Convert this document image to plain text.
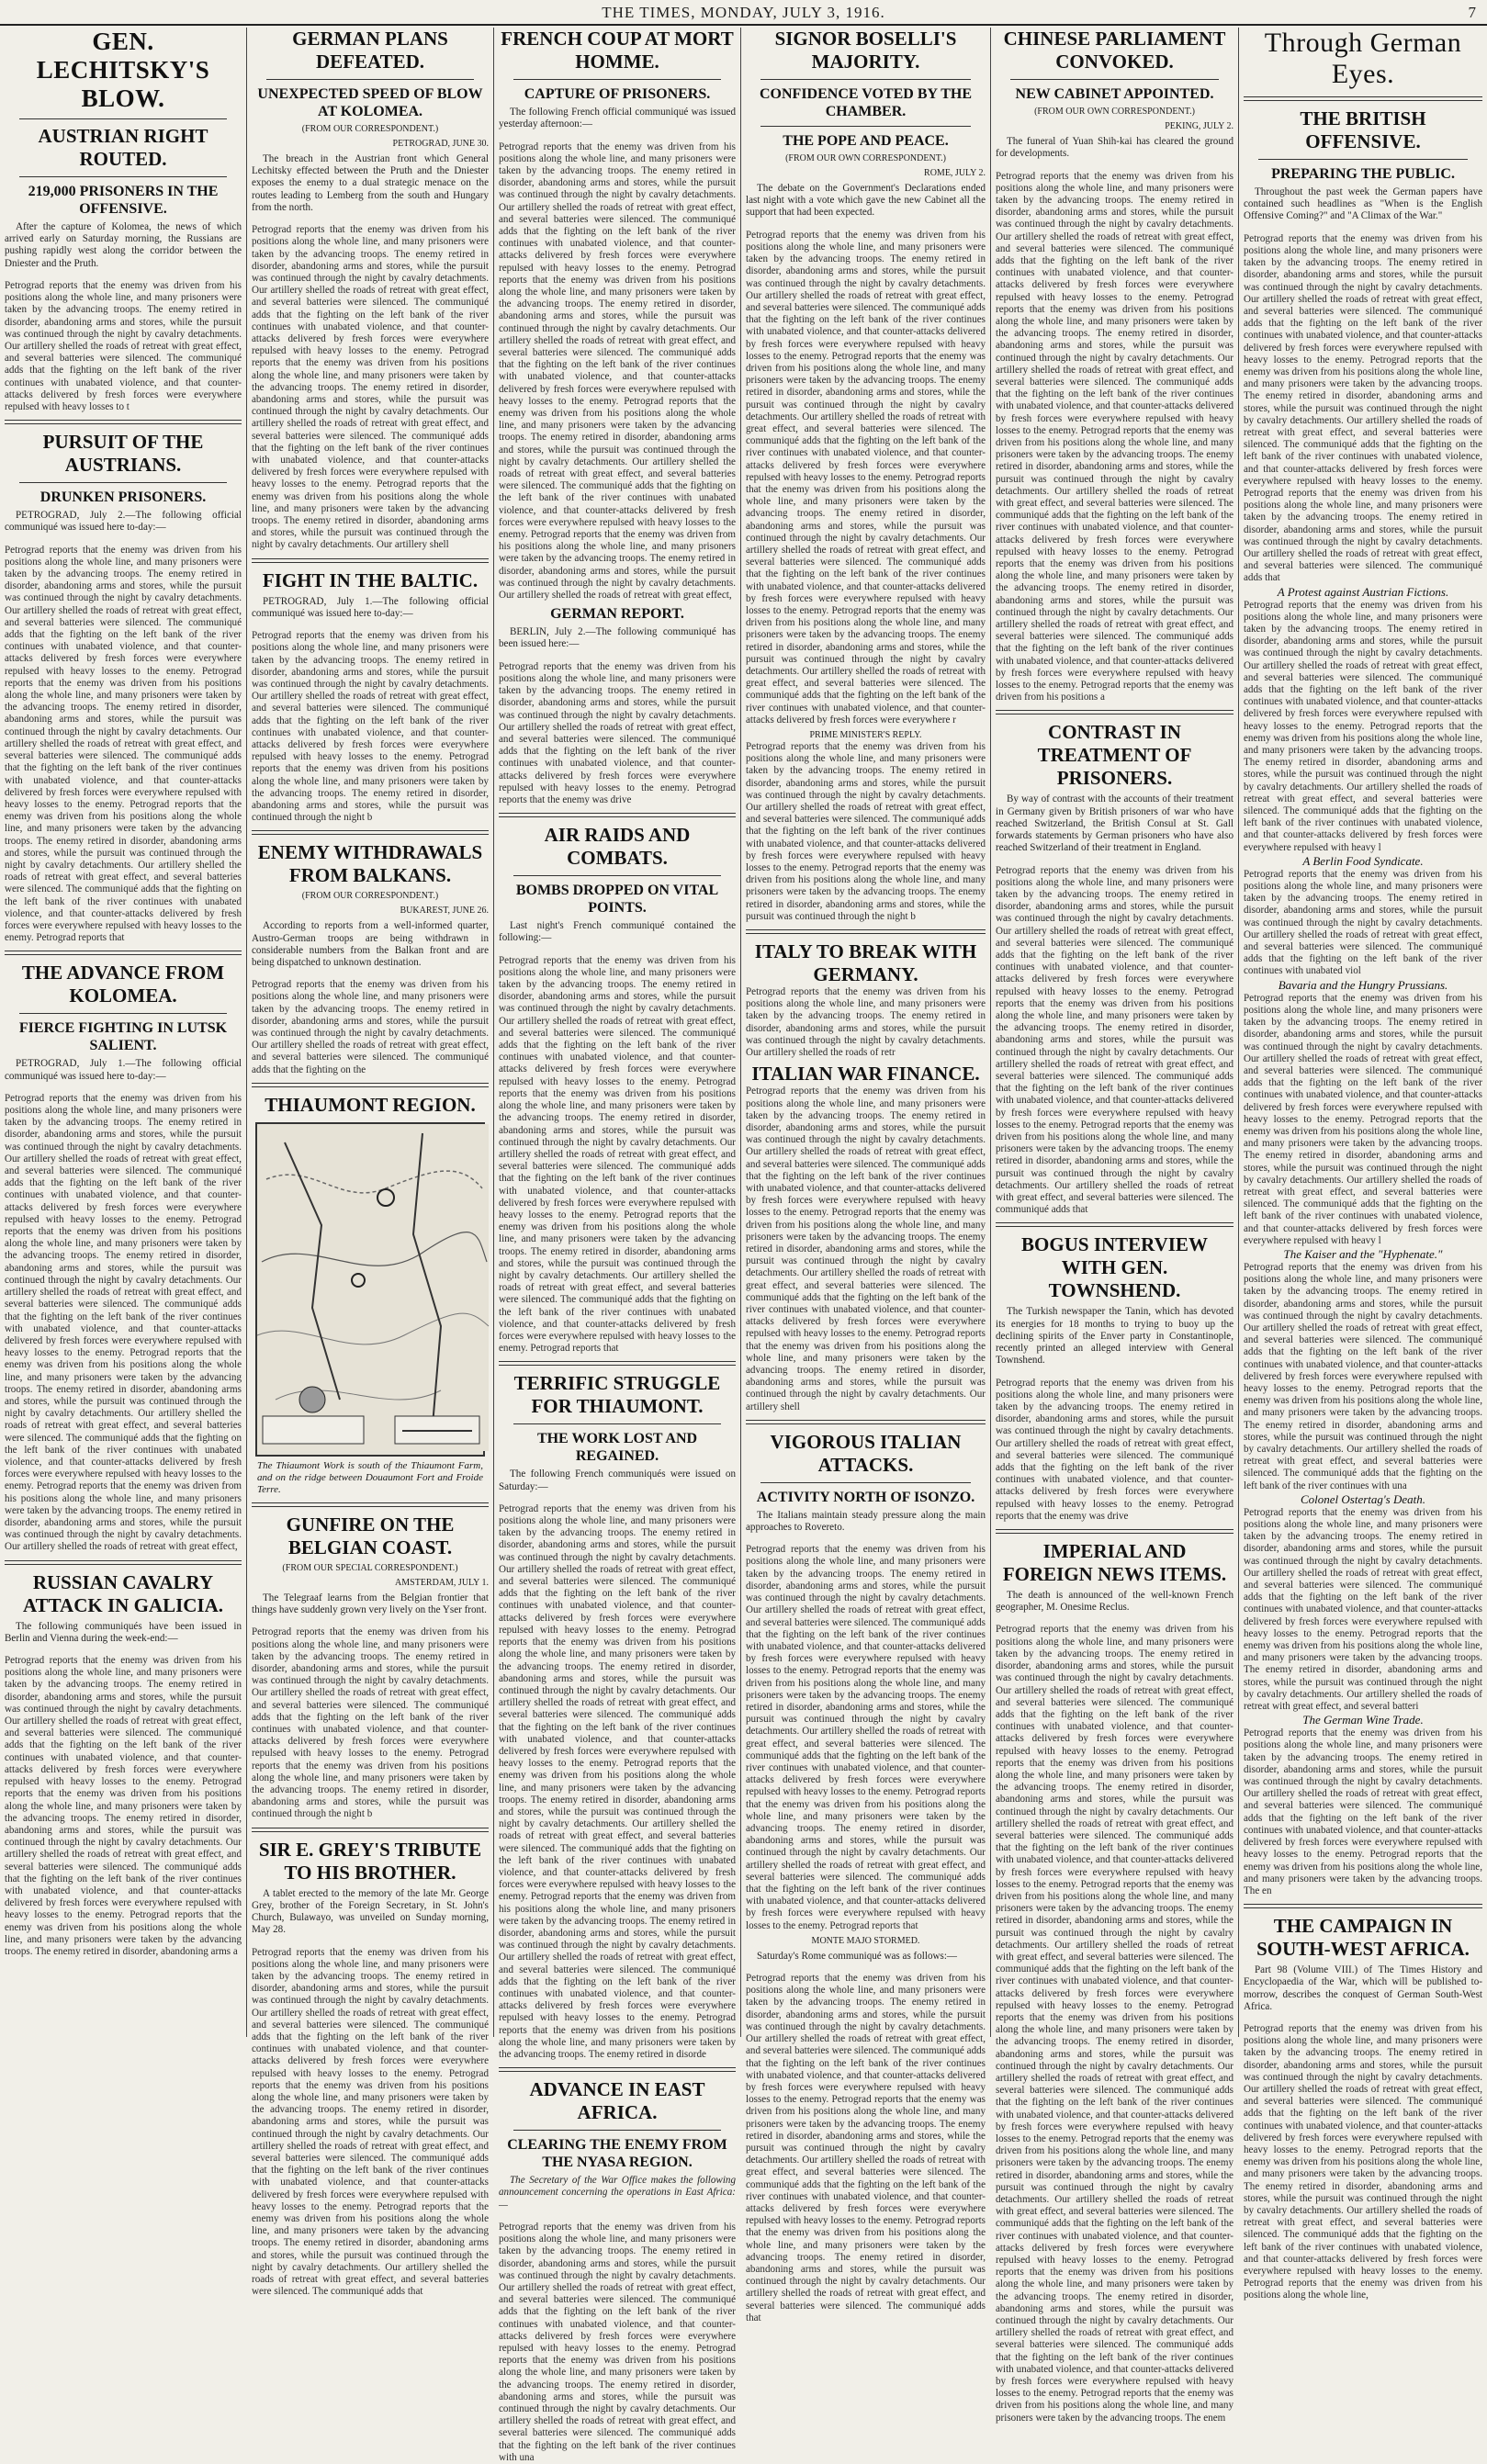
THE TIMES, MONDAY, JULY 3, 1916.	7
GEN. LECHITSKY'S BLOW.
AUSTRIAN RIGHT ROUTED.
219,000 PRISONERS IN THE OFFENSIVE.

After the capture of Kolomea, the news of which arrived early on Saturday morning, the Russians are pushing rapidly west along the corridor between the Dniester and the Pruth.

Petrograd reports that the enemy was driven from his positions along the whole line, and many prisoners were taken by the advancing troops. The enemy retired in disorder, abandoning arms and stores, while the pursuit was continued through the night by cavalry detachments. Our artillery shelled the roads of retreat with great effect, and several batteries were silenced. The communiqué adds that the fighting on the left bank of the river continues with unabated violence, and that counter-attacks delivered by fresh forces were everywhere repulsed with heavy losses to t
PURSUIT OF THE AUSTRIANS.
DRUNKEN PRISONERS.

PETROGRAD, July 2.—The following official communiqué was issued here to-day:—

Petrograd reports that the enemy was driven from his positions along the whole line, and many prisoners were taken by the advancing troops. The enemy retired in disorder, abandoning arms and stores, while the pursuit was continued through the night by cavalry detachments. Our artillery shelled the roads of retreat with great effect, and several batteries were silenced. The communiqué adds that the fighting on the left bank of the river continues with unabated violence, and that counter-attacks delivered by fresh forces were everywhere repulsed with heavy losses to the enemy. Petrograd reports that the enemy was driven from his positions along the whole line, and many prisoners were taken by the advancing troops. The enemy retired in disorder, abandoning arms and stores, while the pursuit was continued through the night by cavalry detachments. Our artillery shelled the roads of retreat with great effect, and several batteries were silenced. The communiqué adds that the fighting on the left bank of the river continues with unabated violence, and that counter-attacks delivered by fresh forces were everywhere repulsed with heavy losses to the enemy. Petrograd reports that the enemy was driven from his positions along the whole line, and many prisoners were taken by the advancing troops. The enemy retired in disorder, abandoning arms and stores, while the pursuit was continued through the night by cavalry detachments. Our artillery shelled the roads of retreat with great effect, and several batteries were silenced. The communiqué adds that the fighting on the left bank of the river continues with unabated violence, and that counter-attacks delivered by fresh forces were everywhere repulsed with heavy losses to the enemy. Petrograd reports that
THE ADVANCE FROM KOLOMEA.
FIERCE FIGHTING IN LUTSK SALIENT.

PETROGRAD, July 1.—The following official communiqué was issued here to-day:—

Petrograd reports that the enemy was driven from his positions along the whole line, and many prisoners were taken by the advancing troops. The enemy retired in disorder, abandoning arms and stores, while the pursuit was continued through the night by cavalry detachments. Our artillery shelled the roads of retreat with great effect, and several batteries were silenced. The communiqué adds that the fighting on the left bank of the river continues with unabated violence, and that counter-attacks delivered by fresh forces were everywhere repulsed with heavy losses to the enemy. Petrograd reports that the enemy was driven from his positions along the whole line, and many prisoners were taken by the advancing troops. The enemy retired in disorder, abandoning arms and stores, while the pursuit was continued through the night by cavalry detachments. Our artillery shelled the roads of retreat with great effect, and several batteries were silenced. The communiqué adds that the fighting on the left bank of the river continues with unabated violence, and that counter-attacks delivered by fresh forces were everywhere repulsed with heavy losses to the enemy. Petrograd reports that the enemy was driven from his positions along the whole line, and many prisoners were taken by the advancing troops. The enemy retired in disorder, abandoning arms and stores, while the pursuit was continued through the night by cavalry detachments. Our artillery shelled the roads of retreat with great effect, and several batteries were silenced. The communiqué adds that the fighting on the left bank of the river continues with unabated violence, and that counter-attacks delivered by fresh forces were everywhere repulsed with heavy losses to the enemy. Petrograd reports that the enemy was driven from his positions along the whole line, and many prisoners were taken by the advancing troops. The enemy retired in disorder, abandoning arms and stores, while the pursuit was continued through the night by cavalry detachments. Our artillery shelled the roads of retreat with great effect,
RUSSIAN CAVALRY ATTACK IN GALICIA.

The following communiqués have been issued in Berlin and Vienna during the week-end:—

Petrograd reports that the enemy was driven from his positions along the whole line, and many prisoners were taken by the advancing troops. The enemy retired in disorder, abandoning arms and stores, while the pursuit was continued through the night by cavalry detachments. Our artillery shelled the roads of retreat with great effect, and several batteries were silenced. The communiqué adds that the fighting on the left bank of the river continues with unabated violence, and that counter-attacks delivered by fresh forces were everywhere repulsed with heavy losses to the enemy. Petrograd reports that the enemy was driven from his positions along the whole line, and many prisoners were taken by the advancing troops. The enemy retired in disorder, abandoning arms and stores, while the pursuit was continued through the night by cavalry detachments. Our artillery shelled the roads of retreat with great effect, and several batteries were silenced. The communiqué adds that the fighting on the left bank of the river continues with unabated violence, and that counter-attacks delivered by fresh forces were everywhere repulsed with heavy losses to the enemy. Petrograd reports that the enemy was driven from his positions along the whole line, and many prisoners were taken by the advancing troops. The enemy retired in disorder, abandoning arms a
GERMAN PLANS DEFEATED.
UNEXPECTED SPEED OF BLOW AT KOLOMEA.
(FROM OUR CORRESPONDENT.)
PETROGRAD, JUNE 30.

The breach in the Austrian front which General Lechitsky effected between the Pruth and the Dniester exposes the enemy to a dual strategic menace on the routes leading to Lemberg from the south and Hungary from the north.

Petrograd reports that the enemy was driven from his positions along the whole line, and many prisoners were taken by the advancing troops. The enemy retired in disorder, abandoning arms and stores, while the pursuit was continued through the night by cavalry detachments. Our artillery shelled the roads of retreat with great effect, and several batteries were silenced. The communiqué adds that the fighting on the left bank of the river continues with unabated violence, and that counter-attacks delivered by fresh forces were everywhere repulsed with heavy losses to the enemy. Petrograd reports that the enemy was driven from his positions along the whole line, and many prisoners were taken by the advancing troops. The enemy retired in disorder, abandoning arms and stores, while the pursuit was continued through the night by cavalry detachments. Our artillery shelled the roads of retreat with great effect, and several batteries were silenced. The communiqué adds that the fighting on the left bank of the river continues with unabated violence, and that counter-attacks delivered by fresh forces were everywhere repulsed with heavy losses to the enemy. Petrograd reports that the enemy was driven from his positions along the whole line, and many prisoners were taken by the advancing troops. The enemy retired in disorder, abandoning arms and stores, while the pursuit was continued through the night by cavalry detachments. Our artillery shell
FIGHT IN THE BALTIC.

PETROGRAD, July 1.—The following official communiqué was issued here to-day:—

Petrograd reports that the enemy was driven from his positions along the whole line, and many prisoners were taken by the advancing troops. The enemy retired in disorder, abandoning arms and stores, while the pursuit was continued through the night by cavalry detachments. Our artillery shelled the roads of retreat with great effect, and several batteries were silenced. The communiqué adds that the fighting on the left bank of the river continues with unabated violence, and that counter-attacks delivered by fresh forces were everywhere repulsed with heavy losses to the enemy. Petrograd reports that the enemy was driven from his positions along the whole line, and many prisoners were taken by the advancing troops. The enemy retired in disorder, abandoning arms and stores, while the pursuit was continued through the night b
ENEMY WITHDRAWALS FROM BALKANS.
(FROM OUR CORRESPONDENT.)
BUKAREST, JUNE 26.

According to reports from a well-informed quarter, Austro-German troops are being withdrawn in considerable numbers from the Balkan front and are being dispatched to unknown destination.

Petrograd reports that the enemy was driven from his positions along the whole line, and many prisoners were taken by the advancing troops. The enemy retired in disorder, abandoning arms and stores, while the pursuit was continued through the night by cavalry detachments. Our artillery shelled the roads of retreat with great effect, and several batteries were silenced. The communiqué adds that the fighting on the
THIAUMONT REGION.

The Thiaumont Work is south of the Thiaumont Farm, and on the ridge between Douaumont Fort and Froide Terre.

GUNFIRE ON THE BELGIAN COAST.
(FROM OUR SPECIAL CORRESPONDENT.)
AMSTERDAM, JULY 1.

The Telegraaf learns from the Belgian frontier that things have suddenly grown very lively on the Yser front.

Petrograd reports that the enemy was driven from his positions along the whole line, and many prisoners were taken by the advancing troops. The enemy retired in disorder, abandoning arms and stores, while the pursuit was continued through the night by cavalry detachments. Our artillery shelled the roads of retreat with great effect, and several batteries were silenced. The communiqué adds that the fighting on the left bank of the river continues with unabated violence, and that counter-attacks delivered by fresh forces were everywhere repulsed with heavy losses to the enemy. Petrograd reports that the enemy was driven from his positions along the whole line, and many prisoners were taken by the advancing troops. The enemy retired in disorder, abandoning arms and stores, while the pursuit was continued through the night b
SIR E. GREY'S TRIBUTE TO HIS BROTHER.

A tablet erected to the memory of the late Mr. George Grey, brother of the Foreign Secretary, in St. John's Church, Bulawayo, was unveiled on Sunday morning, May 28.

Petrograd reports that the enemy was driven from his positions along the whole line, and many prisoners were taken by the advancing troops. The enemy retired in disorder, abandoning arms and stores, while the pursuit was continued through the night by cavalry detachments. Our artillery shelled the roads of retreat with great effect, and several batteries were silenced. The communiqué adds that the fighting on the left bank of the river continues with unabated violence, and that counter-attacks delivered by fresh forces were everywhere repulsed with heavy losses to the enemy. Petrograd reports that the enemy was driven from his positions along the whole line, and many prisoners were taken by the advancing troops. The enemy retired in disorder, abandoning arms and stores, while the pursuit was continued through the night by cavalry detachments. Our artillery shelled the roads of retreat with great effect, and several batteries were silenced. The communiqué adds that the fighting on the left bank of the river continues with unabated violence, and that counter-attacks delivered by fresh forces were everywhere repulsed with heavy losses to the enemy. Petrograd reports that the enemy was driven from his positions along the whole line, and many prisoners were taken by the advancing troops. The enemy retired in disorder, abandoning arms and stores, while the pursuit was continued through the night by cavalry detachments. Our artillery shelled the roads of retreat with great effect, and several batteries were silenced. The communiqué adds that
FRENCH COUP AT MORT HOMME.
CAPTURE OF PRISONERS.

The following French official communiqué was issued yesterday afternoon:—

Petrograd reports that the enemy was driven from his positions along the whole line, and many prisoners were taken by the advancing troops. The enemy retired in disorder, abandoning arms and stores, while the pursuit was continued through the night by cavalry detachments. Our artillery shelled the roads of retreat with great effect, and several batteries were silenced. The communiqué adds that the fighting on the left bank of the river continues with unabated violence, and that counter-attacks delivered by fresh forces were everywhere repulsed with heavy losses to the enemy. Petrograd reports that the enemy was driven from his positions along the whole line, and many prisoners were taken by the advancing troops. The enemy retired in disorder, abandoning arms and stores, while the pursuit was continued through the night by cavalry detachments. Our artillery shelled the roads of retreat with great effect, and several batteries were silenced. The communiqué adds that the fighting on the left bank of the river continues with unabated violence, and that counter-attacks delivered by fresh forces were everywhere repulsed with heavy losses to the enemy. Petrograd reports that the enemy was driven from his positions along the whole line, and many prisoners were taken by the advancing troops. The enemy retired in disorder, abandoning arms and stores, while the pursuit was continued through the night by cavalry detachments. Our artillery shelled the roads of retreat with great effect, and several batteries were silenced. The communiqué adds that the fighting on the left bank of the river continues with unabated violence, and that counter-attacks delivered by fresh forces were everywhere repulsed with heavy losses to the enemy. Petrograd reports that the enemy was driven from his positions along the whole line, and many prisoners were taken by the advancing troops. The enemy retired in disorder, abandoning arms and stores, while the pursuit was continued through the night by cavalry detachments. Our artillery shelled the roads of retreat with great effect,
GERMAN REPORT.

BERLIN, July 2.—The following communiqué has been issued here:—

Petrograd reports that the enemy was driven from his positions along the whole line, and many prisoners were taken by the advancing troops. The enemy retired in disorder, abandoning arms and stores, while the pursuit was continued through the night by cavalry detachments. Our artillery shelled the roads of retreat with great effect, and several batteries were silenced. The communiqué adds that the fighting on the left bank of the river continues with unabated violence, and that counter-attacks delivered by fresh forces were everywhere repulsed with heavy losses to the enemy. Petrograd reports that the enemy was drive
AIR RAIDS AND COMBATS.
BOMBS DROPPED ON VITAL POINTS.

Last night's French communiqué contained the following:—

Petrograd reports that the enemy was driven from his positions along the whole line, and many prisoners were taken by the advancing troops. The enemy retired in disorder, abandoning arms and stores, while the pursuit was continued through the night by cavalry detachments. Our artillery shelled the roads of retreat with great effect, and several batteries were silenced. The communiqué adds that the fighting on the left bank of the river continues with unabated violence, and that counter-attacks delivered by fresh forces were everywhere repulsed with heavy losses to the enemy. Petrograd reports that the enemy was driven from his positions along the whole line, and many prisoners were taken by the advancing troops. The enemy retired in disorder, abandoning arms and stores, while the pursuit was continued through the night by cavalry detachments. Our artillery shelled the roads of retreat with great effect, and several batteries were silenced. The communiqué adds that the fighting on the left bank of the river continues with unabated violence, and that counter-attacks delivered by fresh forces were everywhere repulsed with heavy losses to the enemy. Petrograd reports that the enemy was driven from his positions along the whole line, and many prisoners were taken by the advancing troops. The enemy retired in disorder, abandoning arms and stores, while the pursuit was continued through the night by cavalry detachments. Our artillery shelled the roads of retreat with great effect, and several batteries were silenced. The communiqué adds that the fighting on the left bank of the river continues with unabated violence, and that counter-attacks delivered by fresh forces were everywhere repulsed with heavy losses to the enemy. Petrograd reports that
TERRIFIC STRUGGLE FOR THIAUMONT.
THE WORK LOST AND REGAINED.

The following French communiqués were issued on Saturday:—

Petrograd reports that the enemy was driven from his positions along the whole line, and many prisoners were taken by the advancing troops. The enemy retired in disorder, abandoning arms and stores, while the pursuit was continued through the night by cavalry detachments. Our artillery shelled the roads of retreat with great effect, and several batteries were silenced. The communiqué adds that the fighting on the left bank of the river continues with unabated violence, and that counter-attacks delivered by fresh forces were everywhere repulsed with heavy losses to the enemy. Petrograd reports that the enemy was driven from his positions along the whole line, and many prisoners were taken by the advancing troops. The enemy retired in disorder, abandoning arms and stores, while the pursuit was continued through the night by cavalry detachments. Our artillery shelled the roads of retreat with great effect, and several batteries were silenced. The communiqué adds that the fighting on the left bank of the river continues with unabated violence, and that counter-attacks delivered by fresh forces were everywhere repulsed with heavy losses to the enemy. Petrograd reports that the enemy was driven from his positions along the whole line, and many prisoners were taken by the advancing troops. The enemy retired in disorder, abandoning arms and stores, while the pursuit was continued through the night by cavalry detachments. Our artillery shelled the roads of retreat with great effect, and several batteries were silenced. The communiqué adds that the fighting on the left bank of the river continues with unabated violence, and that counter-attacks delivered by fresh forces were everywhere repulsed with heavy losses to the enemy. Petrograd reports that the enemy was driven from his positions along the whole line, and many prisoners were taken by the advancing troops. The enemy retired in disorder, abandoning arms and stores, while the pursuit was continued through the night by cavalry detachments. Our artillery shelled the roads of retreat with great effect, and several batteries were silenced. The communiqué adds that the fighting on the left bank of the river continues with unabated violence, and that counter-attacks delivered by fresh forces were everywhere repulsed with heavy losses to the enemy. Petrograd reports that the enemy was driven from his positions along the whole line, and many prisoners were taken by the advancing troops. The enemy retired in disorde
ADVANCE IN EAST AFRICA.
CLEARING THE ENEMY FROM THE NYASA REGION.

The Secretary of the War Office makes the following announcement concerning the operations in East Africa:—

Petrograd reports that the enemy was driven from his positions along the whole line, and many prisoners were taken by the advancing troops. The enemy retired in disorder, abandoning arms and stores, while the pursuit was continued through the night by cavalry detachments. Our artillery shelled the roads of retreat with great effect, and several batteries were silenced. The communiqué adds that the fighting on the left bank of the river continues with unabated violence, and that counter-attacks delivered by fresh forces were everywhere repulsed with heavy losses to the enemy. Petrograd reports that the enemy was driven from his positions along the whole line, and many prisoners were taken by the advancing troops. The enemy retired in disorder, abandoning arms and stores, while the pursuit was continued through the night by cavalry detachments. Our artillery shelled the roads of retreat with great effect, and several batteries were silenced. The communiqué adds that the fighting on the left bank of the river continues with una
SIGNOR BOSELLI'S MAJORITY.
CONFIDENCE VOTED BY THE CHAMBER.
THE POPE AND PEACE.
(FROM OUR OWN CORRESPONDENT.)
ROME, JULY 2.

The debate on the Government's Declarations ended last night with a vote which gave the new Cabinet all the support that had been expected.

Petrograd reports that the enemy was driven from his positions along the whole line, and many prisoners were taken by the advancing troops. The enemy retired in disorder, abandoning arms and stores, while the pursuit was continued through the night by cavalry detachments. Our artillery shelled the roads of retreat with great effect, and several batteries were silenced. The communiqué adds that the fighting on the left bank of the river continues with unabated violence, and that counter-attacks delivered by fresh forces were everywhere repulsed with heavy losses to the enemy. Petrograd reports that the enemy was driven from his positions along the whole line, and many prisoners were taken by the advancing troops. The enemy retired in disorder, abandoning arms and stores, while the pursuit was continued through the night by cavalry detachments. Our artillery shelled the roads of retreat with great effect, and several batteries were silenced. The communiqué adds that the fighting on the left bank of the river continues with unabated violence, and that counter-attacks delivered by fresh forces were everywhere repulsed with heavy losses to the enemy. Petrograd reports that the enemy was driven from his positions along the whole line, and many prisoners were taken by the advancing troops. The enemy retired in disorder, abandoning arms and stores, while the pursuit was continued through the night by cavalry detachments. Our artillery shelled the roads of retreat with great effect, and several batteries were silenced. The communiqué adds that the fighting on the left bank of the river continues with unabated violence, and that counter-attacks delivered by fresh forces were everywhere repulsed with heavy losses to the enemy. Petrograd reports that the enemy was driven from his positions along the whole line, and many prisoners were taken by the advancing troops. The enemy retired in disorder, abandoning arms and stores, while the pursuit was continued through the night by cavalry detachments. Our artillery shelled the roads of retreat with great effect, and several batteries were silenced. The communiqué adds that the fighting on the left bank of the river continues with unabated violence, and that counter-attacks delivered by fresh forces were everywhere r
PRIME MINISTER'S REPLY.
Petrograd reports that the enemy was driven from his positions along the whole line, and many prisoners were taken by the advancing troops. The enemy retired in disorder, abandoning arms and stores, while the pursuit was continued through the night by cavalry detachments. Our artillery shelled the roads of retreat with great effect, and several batteries were silenced. The communiqué adds that the fighting on the left bank of the river continues with unabated violence, and that counter-attacks delivered by fresh forces were everywhere repulsed with heavy losses to the enemy. Petrograd reports that the enemy was driven from his positions along the whole line, and many prisoners were taken by the advancing troops. The enemy retired in disorder, abandoning arms and stores, while the pursuit was continued through the night b
ITALY TO BREAK WITH GERMANY.
Petrograd reports that the enemy was driven from his positions along the whole line, and many prisoners were taken by the advancing troops. The enemy retired in disorder, abandoning arms and stores, while the pursuit was continued through the night by cavalry detachments. Our artillery shelled the roads of retr
ITALIAN WAR FINANCE.
Petrograd reports that the enemy was driven from his positions along the whole line, and many prisoners were taken by the advancing troops. The enemy retired in disorder, abandoning arms and stores, while the pursuit was continued through the night by cavalry detachments. Our artillery shelled the roads of retreat with great effect, and several batteries were silenced. The communiqué adds that the fighting on the left bank of the river continues with unabated violence, and that counter-attacks delivered by fresh forces were everywhere repulsed with heavy losses to the enemy. Petrograd reports that the enemy was driven from his positions along the whole line, and many prisoners were taken by the advancing troops. The enemy retired in disorder, abandoning arms and stores, while the pursuit was continued through the night by cavalry detachments. Our artillery shelled the roads of retreat with great effect, and several batteries were silenced. The communiqué adds that the fighting on the left bank of the river continues with unabated violence, and that counter-attacks delivered by fresh forces were everywhere repulsed with heavy losses to the enemy. Petrograd reports that the enemy was driven from his positions along the whole line, and many prisoners were taken by the advancing troops. The enemy retired in disorder, abandoning arms and stores, while the pursuit was continued through the night by cavalry detachments. Our artillery shell
VIGOROUS ITALIAN ATTACKS.
ACTIVITY NORTH OF ISONZO.

The Italians maintain steady pressure along the main approaches to Rovereto.

Petrograd reports that the enemy was driven from his positions along the whole line, and many prisoners were taken by the advancing troops. The enemy retired in disorder, abandoning arms and stores, while the pursuit was continued through the night by cavalry detachments. Our artillery shelled the roads of retreat with great effect, and several batteries were silenced. The communiqué adds that the fighting on the left bank of the river continues with unabated violence, and that counter-attacks delivered by fresh forces were everywhere repulsed with heavy losses to the enemy. Petrograd reports that the enemy was driven from his positions along the whole line, and many prisoners were taken by the advancing troops. The enemy retired in disorder, abandoning arms and stores, while the pursuit was continued through the night by cavalry detachments. Our artillery shelled the roads of retreat with great effect, and several batteries were silenced. The communiqué adds that the fighting on the left bank of the river continues with unabated violence, and that counter-attacks delivered by fresh forces were everywhere repulsed with heavy losses to the enemy. Petrograd reports that the enemy was driven from his positions along the whole line, and many prisoners were taken by the advancing troops. The enemy retired in disorder, abandoning arms and stores, while the pursuit was continued through the night by cavalry detachments. Our artillery shelled the roads of retreat with great effect, and several batteries were silenced. The communiqué adds that the fighting on the left bank of the river continues with unabated violence, and that counter-attacks delivered by fresh forces were everywhere repulsed with heavy losses to the enemy. Petrograd reports that
MONTE MAJO STORMED.

Saturday's Rome communiqué was as follows:—

Petrograd reports that the enemy was driven from his positions along the whole line, and many prisoners were taken by the advancing troops. The enemy retired in disorder, abandoning arms and stores, while the pursuit was continued through the night by cavalry detachments. Our artillery shelled the roads of retreat with great effect, and several batteries were silenced. The communiqué adds that the fighting on the left bank of the river continues with unabated violence, and that counter-attacks delivered by fresh forces were everywhere repulsed with heavy losses to the enemy. Petrograd reports that the enemy was driven from his positions along the whole line, and many prisoners were taken by the advancing troops. The enemy retired in disorder, abandoning arms and stores, while the pursuit was continued through the night by cavalry detachments. Our artillery shelled the roads of retreat with great effect, and several batteries were silenced. The communiqué adds that the fighting on the left bank of the river continues with unabated violence, and that counter-attacks delivered by fresh forces were everywhere repulsed with heavy losses to the enemy. Petrograd reports that the enemy was driven from his positions along the whole line, and many prisoners were taken by the advancing troops. The enemy retired in disorder, abandoning arms and stores, while the pursuit was continued through the night by cavalry detachments. Our artillery shelled the roads of retreat with great effect, and several batteries were silenced. The communiqué adds that
CHINESE PARLIAMENT CONVOKED.
NEW CABINET APPOINTED.
(FROM OUR OWN CORRESPONDENT.)
PEKING, JULY 2.

The funeral of Yuan Shih-kai has cleared the ground for developments.

Petrograd reports that the enemy was driven from his positions along the whole line, and many prisoners were taken by the advancing troops. The enemy retired in disorder, abandoning arms and stores, while the pursuit was continued through the night by cavalry detachments. Our artillery shelled the roads of retreat with great effect, and several batteries were silenced. The communiqué adds that the fighting on the left bank of the river continues with unabated violence, and that counter-attacks delivered by fresh forces were everywhere repulsed with heavy losses to the enemy. Petrograd reports that the enemy was driven from his positions along the whole line, and many prisoners were taken by the advancing troops. The enemy retired in disorder, abandoning arms and stores, while the pursuit was continued through the night by cavalry detachments. Our artillery shelled the roads of retreat with great effect, and several batteries were silenced. The communiqué adds that the fighting on the left bank of the river continues with unabated violence, and that counter-attacks delivered by fresh forces were everywhere repulsed with heavy losses to the enemy. Petrograd reports that the enemy was driven from his positions along the whole line, and many prisoners were taken by the advancing troops. The enemy retired in disorder, abandoning arms and stores, while the pursuit was continued through the night by cavalry detachments. Our artillery shelled the roads of retreat with great effect, and several batteries were silenced. The communiqué adds that the fighting on the left bank of the river continues with unabated violence, and that counter-attacks delivered by fresh forces were everywhere repulsed with heavy losses to the enemy. Petrograd reports that the enemy was driven from his positions along the whole line, and many prisoners were taken by the advancing troops. The enemy retired in disorder, abandoning arms and stores, while the pursuit was continued through the night by cavalry detachments. Our artillery shelled the roads of retreat with great effect, and several batteries were silenced. The communiqué adds that the fighting on the left bank of the river continues with unabated violence, and that counter-attacks delivered by fresh forces were everywhere repulsed with heavy losses to the enemy. Petrograd reports that the enemy was driven from his positions a
CONTRAST IN TREATMENT OF PRISONERS.

By way of contrast with the accounts of their treatment in Germany given by British prisoners of war who have reached Switzerland, the British Consul at St. Gall forwards statements by German prisoners who have also reached Switzerland of their treatment in England.

Petrograd reports that the enemy was driven from his positions along the whole line, and many prisoners were taken by the advancing troops. The enemy retired in disorder, abandoning arms and stores, while the pursuit was continued through the night by cavalry detachments. Our artillery shelled the roads of retreat with great effect, and several batteries were silenced. The communiqué adds that the fighting on the left bank of the river continues with unabated violence, and that counter-attacks delivered by fresh forces were everywhere repulsed with heavy losses to the enemy. Petrograd reports that the enemy was driven from his positions along the whole line, and many prisoners were taken by the advancing troops. The enemy retired in disorder, abandoning arms and stores, while the pursuit was continued through the night by cavalry detachments. Our artillery shelled the roads of retreat with great effect, and several batteries were silenced. The communiqué adds that the fighting on the left bank of the river continues with unabated violence, and that counter-attacks delivered by fresh forces were everywhere repulsed with heavy losses to the enemy. Petrograd reports that the enemy was driven from his positions along the whole line, and many prisoners were taken by the advancing troops. The enemy retired in disorder, abandoning arms and stores, while the pursuit was continued through the night by cavalry detachments. Our artillery shelled the roads of retreat with great effect, and several batteries were silenced. The communiqué adds that
BOGUS INTERVIEW WITH GEN. TOWNSHEND.

The Turkish newspaper the Tanin, which has devoted its energies for 18 months to trying to buoy up the declining spirits of the Enver party in Constantinople, recently printed an alleged interview with General Townshend.

Petrograd reports that the enemy was driven from his positions along the whole line, and many prisoners were taken by the advancing troops. The enemy retired in disorder, abandoning arms and stores, while the pursuit was continued through the night by cavalry detachments. Our artillery shelled the roads of retreat with great effect, and several batteries were silenced. The communiqué adds that the fighting on the left bank of the river continues with unabated violence, and that counter-attacks delivered by fresh forces were everywhere repulsed with heavy losses to the enemy. Petrograd reports that the enemy was drive
IMPERIAL AND FOREIGN NEWS ITEMS.

The death is announced of the well-known French geographer, M. Onesime Reclus.

Petrograd reports that the enemy was driven from his positions along the whole line, and many prisoners were taken by the advancing troops. The enemy retired in disorder, abandoning arms and stores, while the pursuit was continued through the night by cavalry detachments. Our artillery shelled the roads of retreat with great effect, and several batteries were silenced. The communiqué adds that the fighting on the left bank of the river continues with unabated violence, and that counter-attacks delivered by fresh forces were everywhere repulsed with heavy losses to the enemy. Petrograd reports that the enemy was driven from his positions along the whole line, and many prisoners were taken by the advancing troops. The enemy retired in disorder, abandoning arms and stores, while the pursuit was continued through the night by cavalry detachments. Our artillery shelled the roads of retreat with great effect, and several batteries were silenced. The communiqué adds that the fighting on the left bank of the river continues with unabated violence, and that counter-attacks delivered by fresh forces were everywhere repulsed with heavy losses to the enemy. Petrograd reports that the enemy was driven from his positions along the whole line, and many prisoners were taken by the advancing troops. The enemy retired in disorder, abandoning arms and stores, while the pursuit was continued through the night by cavalry detachments. Our artillery shelled the roads of retreat with great effect, and several batteries were silenced. The communiqué adds that the fighting on the left bank of the river continues with unabated violence, and that counter-attacks delivered by fresh forces were everywhere repulsed with heavy losses to the enemy. Petrograd reports that the enemy was driven from his positions along the whole line, and many prisoners were taken by the advancing troops. The enemy retired in disorder, abandoning arms and stores, while the pursuit was continued through the night by cavalry detachments. Our artillery shelled the roads of retreat with great effect, and several batteries were silenced. The communiqué adds that the fighting on the left bank of the river continues with unabated violence, and that counter-attacks delivered by fresh forces were everywhere repulsed with heavy losses to the enemy. Petrograd reports that the enemy was driven from his positions along the whole line, and many prisoners were taken by the advancing troops. The enemy retired in disorder, abandoning arms and stores, while the pursuit was continued through the night by cavalry detachments. Our artillery shelled the roads of retreat with great effect, and several batteries were silenced. The communiqué adds that the fighting on the left bank of the river continues with unabated violence, and that counter-attacks delivered by fresh forces were everywhere repulsed with heavy losses to the enemy. Petrograd reports that the enemy was driven from his positions along the whole line, and many prisoners were taken by the advancing troops. The enemy retired in disorder, abandoning arms and stores, while the pursuit was continued through the night by cavalry detachments. Our artillery shelled the roads of retreat with great effect, and several batteries were silenced. The communiqué adds that the fighting on the left bank of the river continues with unabated violence, and that counter-attacks delivered by fresh forces were everywhere repulsed with heavy losses to the enemy. Petrograd reports that the enemy was driven from his positions along the whole line, and many prisoners were taken by the advancing troops. The enem
Through German Eyes.
THE BRITISH OFFENSIVE.
PREPARING THE PUBLIC.

Throughout the past week the German papers have contained such headlines as "When is the English Offensive Coming?" and "A Climax of the War."

Petrograd reports that the enemy was driven from his positions along the whole line, and many prisoners were taken by the advancing troops. The enemy retired in disorder, abandoning arms and stores, while the pursuit was continued through the night by cavalry detachments. Our artillery shelled the roads of retreat with great effect, and several batteries were silenced. The communiqué adds that the fighting on the left bank of the river continues with unabated violence, and that counter-attacks delivered by fresh forces were everywhere repulsed with heavy losses to the enemy. Petrograd reports that the enemy was driven from his positions along the whole line, and many prisoners were taken by the advancing troops. The enemy retired in disorder, abandoning arms and stores, while the pursuit was continued through the night by cavalry detachments. Our artillery shelled the roads of retreat with great effect, and several batteries were silenced. The communiqué adds that the fighting on the left bank of the river continues with unabated violence, and that counter-attacks delivered by fresh forces were everywhere repulsed with heavy losses to the enemy. Petrograd reports that the enemy was driven from his positions along the whole line, and many prisoners were taken by the advancing troops. The enemy retired in disorder, abandoning arms and stores, while the pursuit was continued through the night by cavalry detachments. Our artillery shelled the roads of retreat with great effect, and several batteries were silenced. The communiqué adds that
A Protest against Austrian Fictions.
Petrograd reports that the enemy was driven from his positions along the whole line, and many prisoners were taken by the advancing troops. The enemy retired in disorder, abandoning arms and stores, while the pursuit was continued through the night by cavalry detachments. Our artillery shelled the roads of retreat with great effect, and several batteries were silenced. The communiqué adds that the fighting on the left bank of the river continues with unabated violence, and that counter-attacks delivered by fresh forces were everywhere repulsed with heavy losses to the enemy. Petrograd reports that the enemy was driven from his positions along the whole line, and many prisoners were taken by the advancing troops. The enemy retired in disorder, abandoning arms and stores, while the pursuit was continued through the night by cavalry detachments. Our artillery shelled the roads of retreat with great effect, and several batteries were silenced. The communiqué adds that the fighting on the left bank of the river continues with unabated violence, and that counter-attacks delivered by fresh forces were everywhere repulsed with heavy l
A Berlin Food Syndicate.
Petrograd reports that the enemy was driven from his positions along the whole line, and many prisoners were taken by the advancing troops. The enemy retired in disorder, abandoning arms and stores, while the pursuit was continued through the night by cavalry detachments. Our artillery shelled the roads of retreat with great effect, and several batteries were silenced. The communiqué adds that the fighting on the left bank of the river continues with unabated viol
Bavaria and the Hungry Prussians.
Petrograd reports that the enemy was driven from his positions along the whole line, and many prisoners were taken by the advancing troops. The enemy retired in disorder, abandoning arms and stores, while the pursuit was continued through the night by cavalry detachments. Our artillery shelled the roads of retreat with great effect, and several batteries were silenced. The communiqué adds that the fighting on the left bank of the river continues with unabated violence, and that counter-attacks delivered by fresh forces were everywhere repulsed with heavy losses to the enemy. Petrograd reports that the enemy was driven from his positions along the whole line, and many prisoners were taken by the advancing troops. The enemy retired in disorder, abandoning arms and stores, while the pursuit was continued through the night by cavalry detachments. Our artillery shelled the roads of retreat with great effect, and several batteries were silenced. The communiqué adds that the fighting on the left bank of the river continues with unabated violence, and that counter-attacks delivered by fresh forces were everywhere repulsed with heavy l
The Kaiser and the "Hyphenate."
Petrograd reports that the enemy was driven from his positions along the whole line, and many prisoners were taken by the advancing troops. The enemy retired in disorder, abandoning arms and stores, while the pursuit was continued through the night by cavalry detachments. Our artillery shelled the roads of retreat with great effect, and several batteries were silenced. The communiqué adds that the fighting on the left bank of the river continues with unabated violence, and that counter-attacks delivered by fresh forces were everywhere repulsed with heavy losses to the enemy. Petrograd reports that the enemy was driven from his positions along the whole line, and many prisoners were taken by the advancing troops. The enemy retired in disorder, abandoning arms and stores, while the pursuit was continued through the night by cavalry detachments. Our artillery shelled the roads of retreat with great effect, and several batteries were silenced. The communiqué adds that the fighting on the left bank of the river continues with una
Colonel Ostertag's Death.
Petrograd reports that the enemy was driven from his positions along the whole line, and many prisoners were taken by the advancing troops. The enemy retired in disorder, abandoning arms and stores, while the pursuit was continued through the night by cavalry detachments. Our artillery shelled the roads of retreat with great effect, and several batteries were silenced. The communiqué adds that the fighting on the left bank of the river continues with unabated violence, and that counter-attacks delivered by fresh forces were everywhere repulsed with heavy losses to the enemy. Petrograd reports that the enemy was driven from his positions along the whole line, and many prisoners were taken by the advancing troops. The enemy retired in disorder, abandoning arms and stores, while the pursuit was continued through the night by cavalry detachments. Our artillery shelled the roads of retreat with great effect, and several batteri
The German Wine Trade.
Petrograd reports that the enemy was driven from his positions along the whole line, and many prisoners were taken by the advancing troops. The enemy retired in disorder, abandoning arms and stores, while the pursuit was continued through the night by cavalry detachments. Our artillery shelled the roads of retreat with great effect, and several batteries were silenced. The communiqué adds that the fighting on the left bank of the river continues with unabated violence, and that counter-attacks delivered by fresh forces were everywhere repulsed with heavy losses to the enemy. Petrograd reports that the enemy was driven from his positions along the whole line, and many prisoners were taken by the advancing troops. The en
THE CAMPAIGN IN SOUTH-WEST AFRICA.

Part 98 (Volume VIII.) of The Times History and Encyclopaedia of the War, which will be published to-morrow, describes the conquest of German South-West Africa.

Petrograd reports that the enemy was driven from his positions along the whole line, and many prisoners were taken by the advancing troops. The enemy retired in disorder, abandoning arms and stores, while the pursuit was continued through the night by cavalry detachments. Our artillery shelled the roads of retreat with great effect, and several batteries were silenced. The communiqué adds that the fighting on the left bank of the river continues with unabated violence, and that counter-attacks delivered by fresh forces were everywhere repulsed with heavy losses to the enemy. Petrograd reports that the enemy was driven from his positions along the whole line, and many prisoners were taken by the advancing troops. The enemy retired in disorder, abandoning arms and stores, while the pursuit was continued through the night by cavalry detachments. Our artillery shelled the roads of retreat with great effect, and several batteries were silenced. The communiqué adds that the fighting on the left bank of the river continues with unabated violence, and that counter-attacks delivered by fresh forces were everywhere repulsed with heavy losses to the enemy. Petrograd reports that the enemy was driven from his positions along the whole line,
